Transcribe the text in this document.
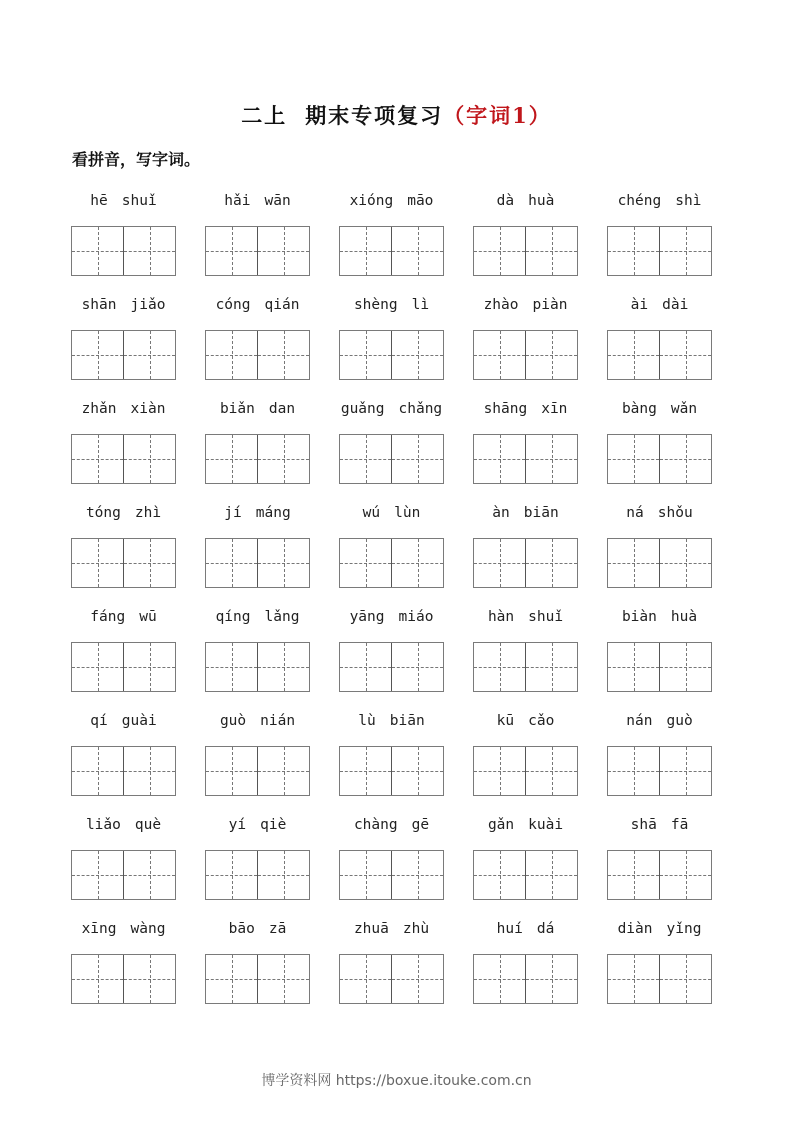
二上 期末专项复习（字词1）
看拼音，写字词。
hē shuǐ	hǎi wān	xióng māo	dà huà	chéng shì
shān jiǎo	cóng qián	shèng lì	zhào piàn	ài dài
zhǎn xiàn	biǎn dan	guǎng chǎng	shāng xīn	bàng wǎn
tóng zhì	jí máng	wú lùn	àn biān	ná shǒu
fáng wū	qíng lǎng	yāng miáo	hàn shuǐ	biàn huà
qí guài	guò nián	lù biān	kū cǎo	nán guò
liǎo què	yí qiè	chàng gē	gǎn kuài	shā fā
xīng wàng	bāo zā	zhuā zhù	huí dá	diàn yǐng
博学资料网 https://boxue.itouke.com.cn
